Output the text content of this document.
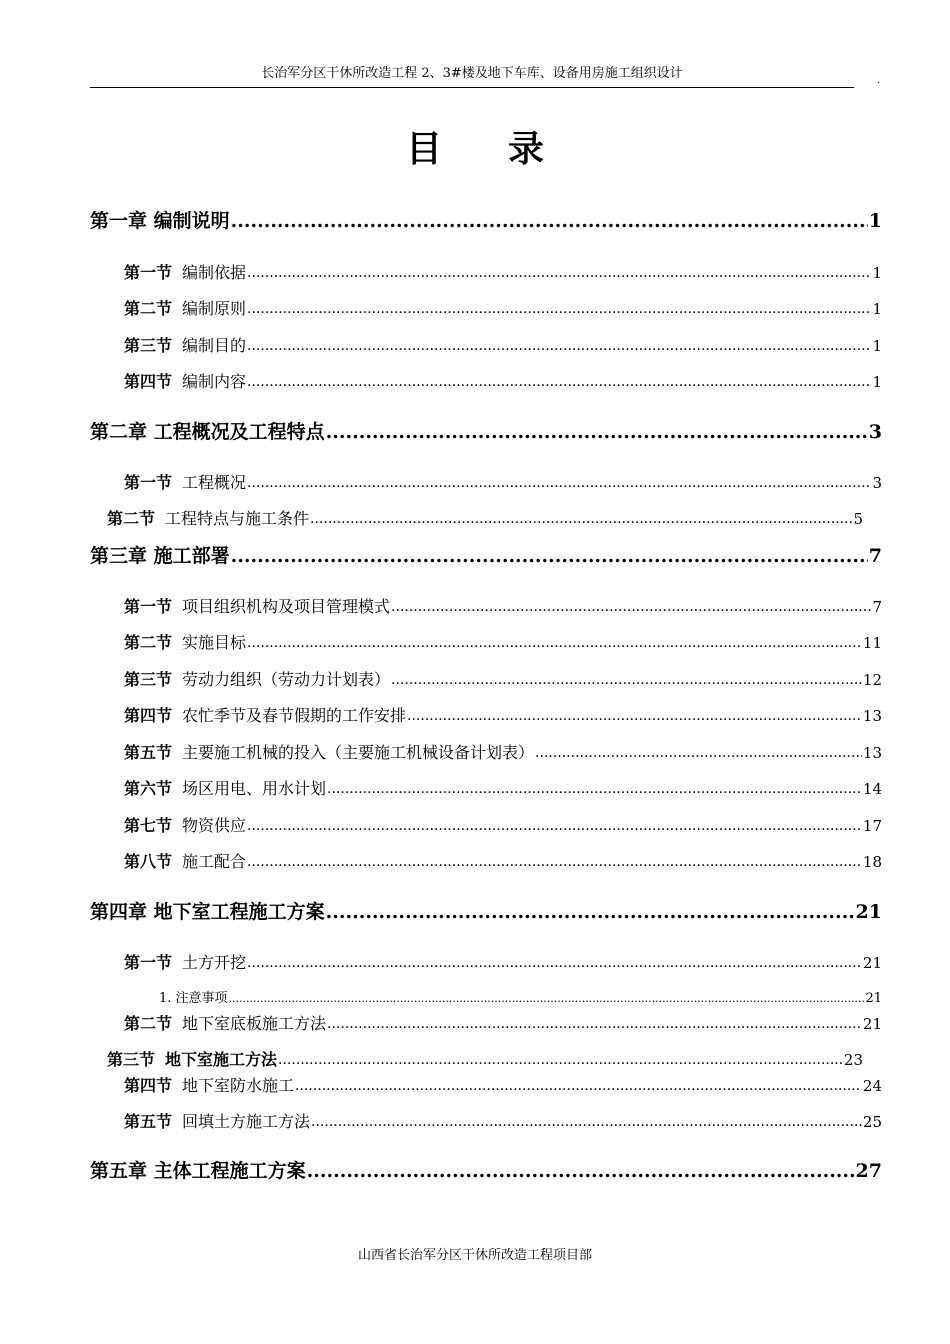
长治军分区干休所改造工程 2、3#楼及地下车库、设备用房施工组织设计	.
目录
第一章 编制说明 .....	1
第一节 编制依据 .....	1
第二节 编制原则 .....	1
第三节 编制目的 .....	1
第四节 编制内容 .....	1
第二章 工程概况及工程特点 .....	3
第一节 工程概况 .....	3
第二节 工程特点与施工条件 .....	5
第三章 施工部署 .....	7
第一节 项目组织机构及项目管理模式 .....	7
第二节 实施目标 .....	11
第三节 劳动力组织（劳动力计划表） .....	12
第四节 农忙季节及春节假期的工作安排 .....	13
第五节 主要施工机械的投入（主要施工机械设备计划表） .....	13
第六节 场区用电、用水计划 .....	14
第七节 物资供应 .....	17
第八节 施工配合 .....	18
第四章 地下室工程施工方案 .....	21
第一节 土方开挖 .....	21
1. 注意事项 .....	21
第二节 地下室底板施工方法 .....	21
第三节 地下室施工方法 .....	23
第四节 地下室防水施工 .....	24
第五节 回填土方施工方法 .....	25
第五章 主体工程施工方案 .....	27
山西省长治军分区干休所改造工程项目部
